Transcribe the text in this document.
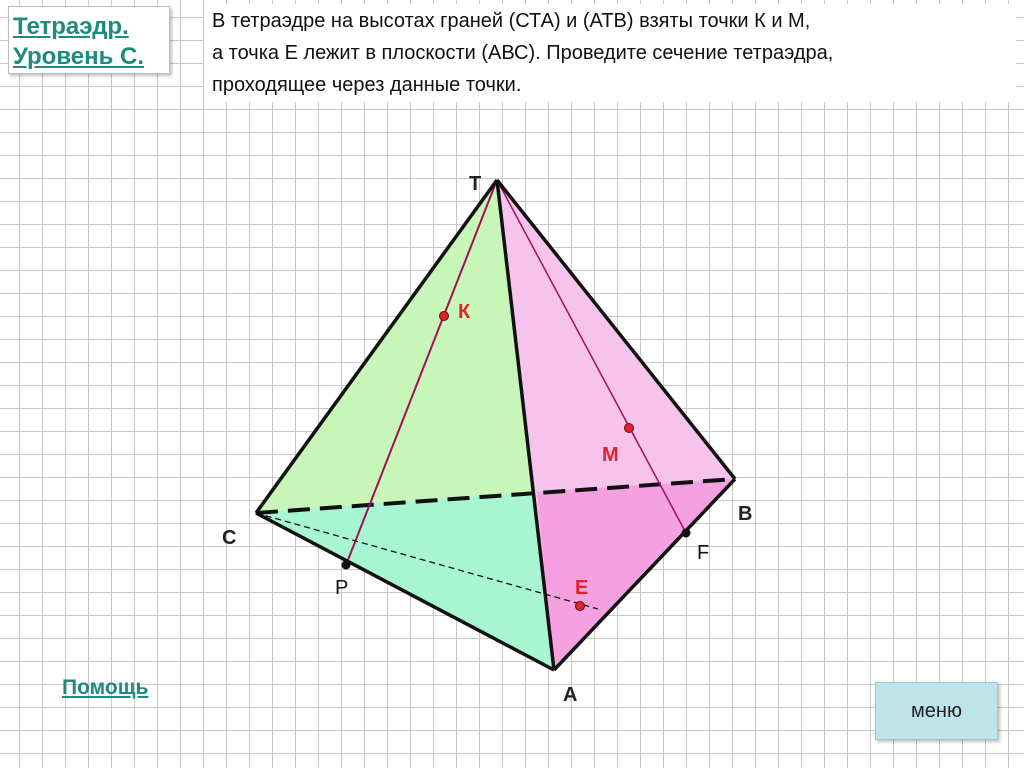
Тетраэдр.
Уровень С.
В тетраэдре на высотах граней (СТА) и (АТВ) взяты точки К и М,
а точка Е лежит в плоскости (АВС). Проведите сечение тетраэдра,
проходящее через данные точки.
T
C
B
A
К
М
Е
P
F
Помощь
меню
